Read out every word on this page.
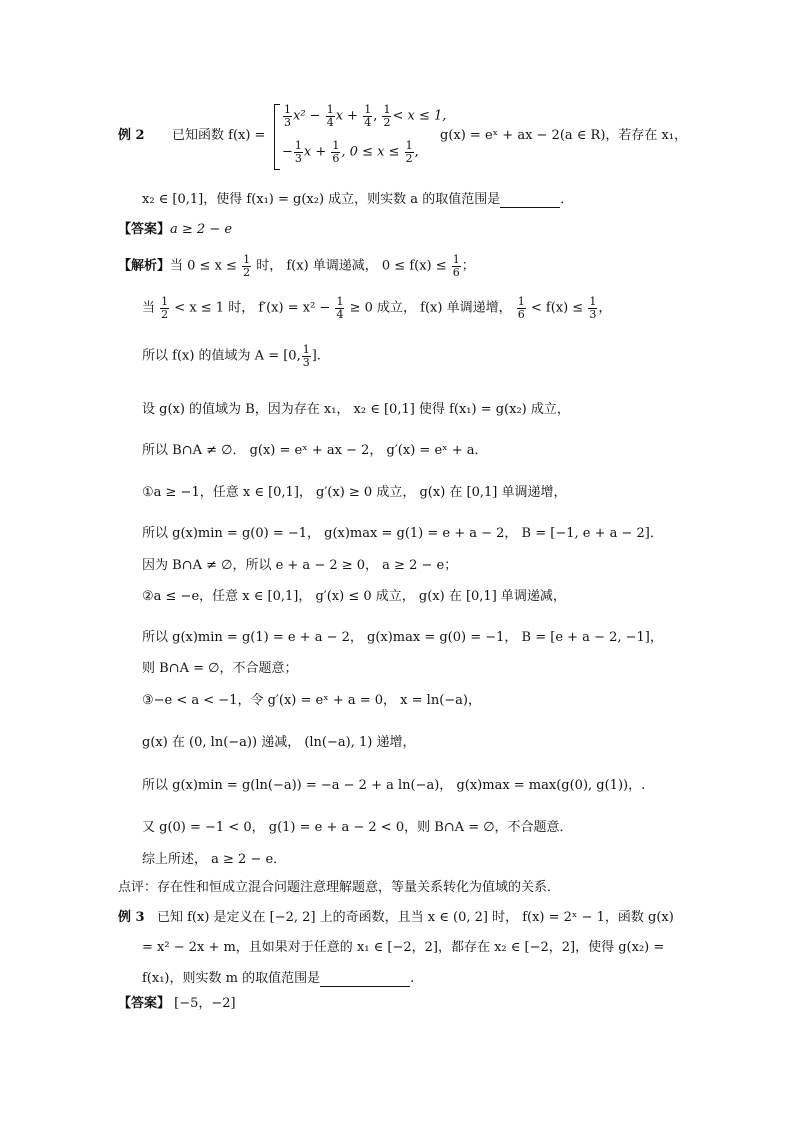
例 2 已知函数 f(x) =
$\frac{1}{3} x^2 - \frac{1}{4}$ $x + \frac{1}{4}$ , $\frac{1}{2} < x \le 1$,
− $\frac{1}{3}$ $x + \frac{1}{6}$ , $0 \le x \le \frac{1}{2}$ ,
g(x) = eˣ + ax − 2(a ∈ R)，若存在 x₁，
x₂ ∈ [0,1]，使得 f(x₁) = g(x₂) 成立，则实数 a 的取值范围是	．
【答案】a ≥ 2 − e
【解析】当 $0 \le x \le \frac{1}{2}$ 时， f(x) 单调递减， $0 \le f(x) \le \frac{1}{6}$ ；
当 $\frac{1}{2} < x \le 1$ 时， $f'(x) = x^2 - \frac{1}{4} \ge 0$ 成立， f(x) 单调递增， $\frac{1}{6} < f(x) \le \frac{1}{3}$ ，
所以 f(x) 的值域为 A = [0, $\frac{1}{3}$ ].
设 g(x) 的值域为 B，因为存在 x₁， x₂ ∈ [0,1] 使得 f(x₁) = g(x₂) 成立，
所以 B∩A ≠ ∅． g(x) = eˣ + ax − 2， g′(x) = eˣ + a．
①a ≥ −1，任意 x ∈ [0,1]， g′(x) ≥ 0 成立， g(x) 在 [0,1] 单调递增，
所以 g(x)min = g(0) = −1， g(x)max = g(1) = e + a − 2， B = [−1, e + a − 2]．
因为 B∩A ≠ ∅，所以 e + a − 2 ≥ 0， a ≥ 2 − e；
②a ≤ −e，任意 x ∈ [0,1]， g′(x) ≤ 0 成立， g(x) 在 [0,1] 单调递减，
所以 g(x)min = g(1) = e + a − 2， g(x)max = g(0) = −1， B = [e + a − 2, −1]，
则 B∩A = ∅，不合题意；
③−e < a < −1，令 g′(x) = eˣ + a = 0， x = ln(−a)，
g(x) 在 (0, ln(−a)) 递减， (ln(−a), 1) 递增，
所以 g(x)min = g(ln(−a)) = −a − 2 + a ln(−a)， g(x)max = max(g(0), g(1))，.
又 g(0) = −1 < 0， g(1) = e + a − 2 < 0，则 B∩A = ∅，不合题意．
综上所述， a ≥ 2 − e．
点评：存在性和恒成立混合问题注意理解题意，等量关系转化为值域的关系．
例 3 已知 f(x) 是定义在 [−2, 2] 上的奇函数，且当 x ∈ (0, 2] 时， f(x) = 2ˣ − 1，函数 g(x)
= x² − 2x + m，且如果对于任意的 x₁ ∈ [−2，2]，都存在 x₂ ∈ [−2，2]，使得 g(x₂) =
f(x₁)，则实数 m 的取值范围是	.
【答案】 [−5，−2]
